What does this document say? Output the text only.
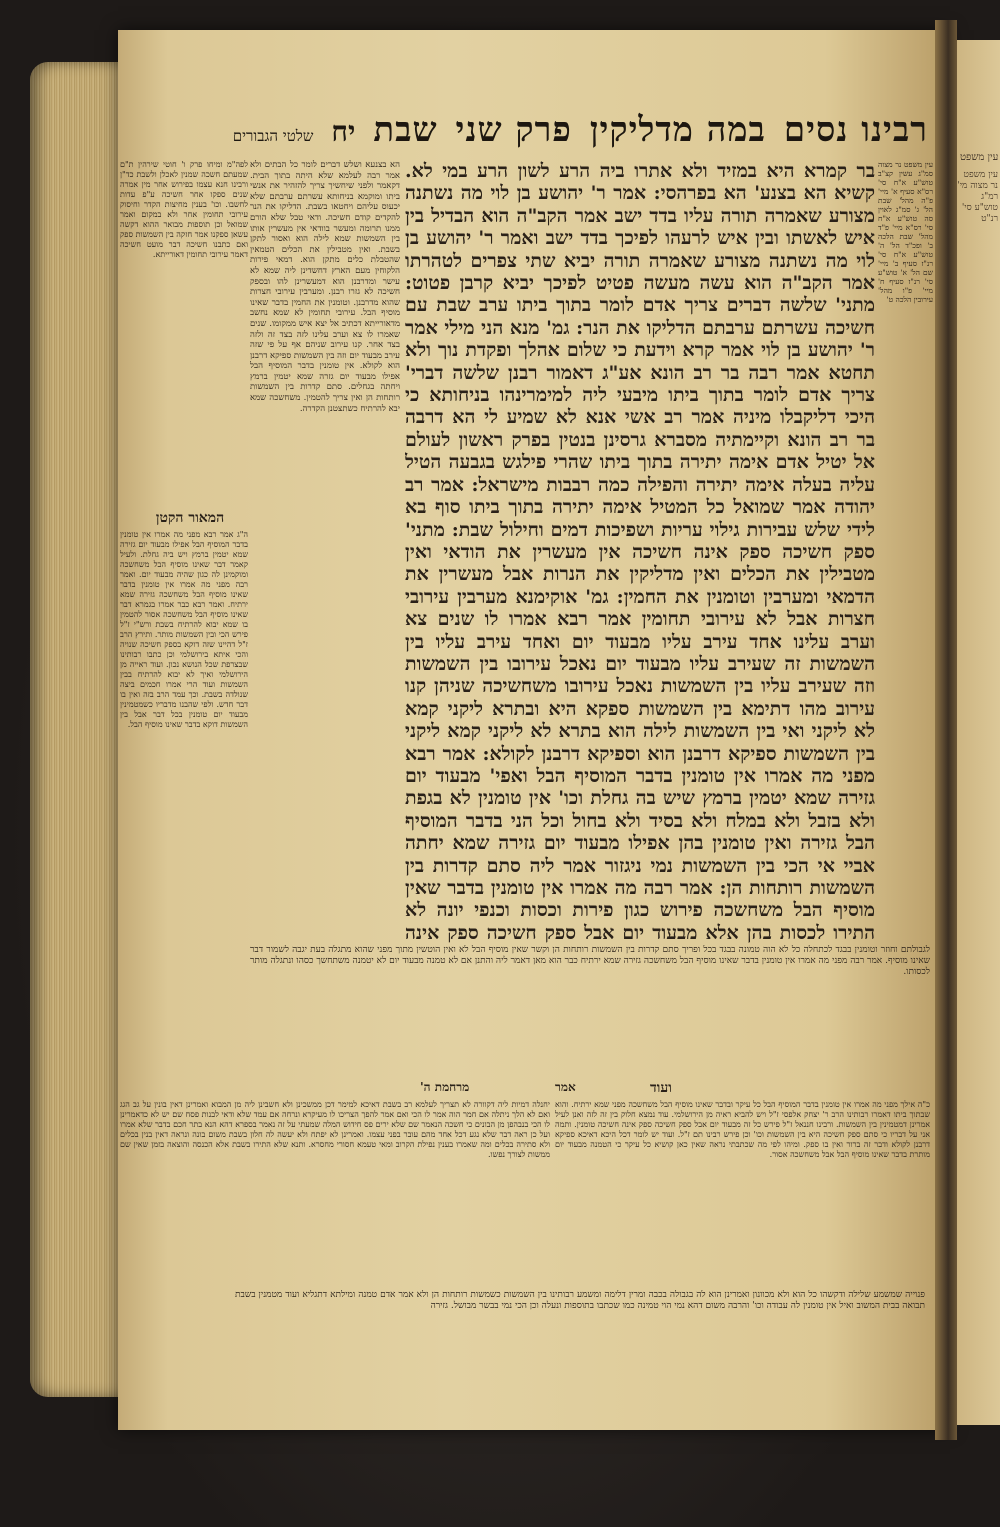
עין משפט נר מצוה מי' רמ"ג טוש"ע סי' רנ"ט
רבינו נסים
במה מדליקין
פרק שני
שבת
יח
שלטי הגבורים
עין משפט
עין משפט נר מצוה סמ"ג עשין קצ"ב טוש"ע א"ח סי' רס"א סעיף א' מיי' פ"ה מהל' שבת הל' ג' סמ"ג לאוין סה טוש"ע א"ח סי' רס"א מיי' פ"ד מהל' שבת הלכה ב' ופכ"ד הל' ה' טוש"ע א"ח סי' רנ"ז סעיף ב' מיי' שם הל' א' טוש"ע סי' רנ"ז סעיף ח' מיי' פ"ו מהל' עירובין הלכה ט'
בר קמרא היא במזיד ולא אתרו ביה הרע לשון הרע במי לא. קשיא הא בצנע' הא בפרהסי: אמר ר' יהושע בן לוי מה נשתנה מצורע שאמרה תורה עליו בדד ישב אמר הקב"ה הוא הבדיל בין איש לאשתו ובין איש לרעהו לפיכך בדד ישב ואמר ר' יהושע בן לוי מה נשתנה מצורע שאמרה תורה יביא שתי צפרים לטהרתו אמר הקב"ה הוא עשה מעשה פטיט לפיכך יביא קרבן פטוט: מתני' שלשה דברים צריך אדם לומר בתוך ביתו ערב שבת עם חשיכה עשרתם ערבתם הדליקו את הנר: גמ' מנא הני מילי אמר ר' יהושע בן לוי אמר קרא וידעת כי שלום אהלך ופקדת נוך ולא תחטא אמר רבה בר רב הונא אע"ג דאמור רבנן שלשה דברי' צריך אדם לומר בתוך ביתו מיבעי ליה למימרינהו בניחותא כי היכי דליקבלו מיניה אמר רב אשי אנא לא שמיע לי הא דרבה בר רב הונא וקיימתיה מסברא גרסינן בנטין בפרק ראשון לעולם אל יטיל אדם אימה יתירה בתוך ביתו שהרי פילגש בגבעה הטיל עליה בעלה אימה יתירה והפילה כמה רבבות מישראל: אמר רב יהודה אמר שמואל כל המטיל אימה יתירה בתוך ביתו סוף בא לידי שלש עבירות גילוי עריות ושפיכות דמים וחילול שבת: מתני' ספק חשיכה ספק אינה חשיכה אין מעשרין את הודאי ואין מטבילין את הכלים ואין מדליקין את הנרות אבל מעשרין את הדמאי ומערבין וטומנין את החמין: גמ' אוקימנא מערבין עירובי חצרות אבל לא עירובי תחומין אמר רבא אמרו לו שנים צא וערב עלינו אחד עירב עליו מבעוד יום ואחד עירב עליו בין השמשות זה שעירב עליו מבעוד יום נאכל עירובו בין השמשות וזה שעירב עליו בין השמשות נאכל עירובו משחשיכה שניהן קנו עירוב מהו דתימא בין השמשות ספקא היא ובתרא ליקני קמא לא ליקני ואי בין השמשות לילה הוא בתרא לא ליקני קמא ליקני בין השמשות ספיקא דרבנן הוא וספיקא דרבנן לקולא: אמר רבא מפני מה אמרו אין טומנין בדבר המוסיף הבל ואפי' מבעוד יום גזירה שמא יטמין ברמץ שיש בה גחלת וכו' אין טומנין לא בגפת ולא בזבל ולא במלח ולא בסיד ולא בחול וכל הני בדבר המוסיף הבל גזירה ואין טומנין בהן אפילו מבעוד יום גזירה שמא יחתה אביי אי הכי בין השמשות נמי ניגזור אמר ליה סתם קדרות בין השמשות רותחות הן: אמר רבה מה אמרו אין טומנין בדבר שאין מוסיף הבל משחשכה פירוש כגון פירות וכסות וכנפי יונה לא התירו לכסות בהן אלא מבעוד יום אבל ספק חשיכה ספק אינה
הא בצנעא ושלש דברים לומר כל הבתים ולא אמר רבה לעלמא שלא היתה בתוך הבית. דקאמר ולפני שיחשיך צריך להזהיר את אנשי ביתו ומוקמא בניחותא עשרתם ערבתם שלא יכעוס עליהם ויחטאו בשבת. הדליקו את הנר להקדים קודם חשיכה. ודאי טבל שלא הורם ממנו תרומה ומעשר בוודאי אין מעשרין אותו בין השמשות שמא לילה הוא ואסור לתקן בשבת. ואין מטבילין את הכלים הטמאין שהטבלת כלים מתקן הוא. דמאי פירות הלקוחין מעם הארץ דחשדינן ליה שמא לא עישר ומדרבנן הוא דמעשרינן להו ובספק חשיכה לא גזרו רבנן. ומערבין עירובי חצרות שהוא מדרבנן. וטומנין את החמין בדבר שאינו מוסיף הבל. עירובי תחומין לא שמא נחשב מדאורייתא דכתיב אל יצא איש ממקומו. שנים שאמרו לו צא וערב עלינו לזה בצד זה ולזה בצד אחר. קנו עירוב שניהם אף על פי שזה עירב מבעוד יום וזה בין השמשות ספיקא דרבנן הוא לקולא. אין טומנין בדבר המוסיף הבל אפילו מבעוד יום גזרה שמא יטמין ברמץ ויחתה בגחלים. סתם קדרות בין השמשות רותחות הן ואין צריך להטמין. משחשכה שמא יבא להרתיח כשתצטנן הקדרה.
לפה"מ ומיחו פרק ו' חוטי שירהין ת"ם שמעתם חשכה שמנין לאכלן ולשבת כד"ן ורבינו חנא עצמו בפירוש אחר מין אמרה שנים ספקו אחר חשיכה ע"פ עדות לחשבו. וכו' בענין מחיצות הקדר וחיסוק עירובי תחומין אחר ולא במקום ואמר שמואל וכן תוספות מבואר ההוא דקשה עשאן ספקנו אמר חזקה בין השמשות ספק ואם כתבנו חשיכה דבר מועט חשיכה דאמר עירובי תחומין דאורייתא.
המאור הקטן
ה"ג אמר רבא מפני מה אמרו אין טומנין בדבר המוסיף הבל אפילו מבעוד יום גזירה שמא יטמין ברמץ ויש ביה גחלת. ולעיל קאמר דבר שאינו מוסיף הבל משחשכה ומוקמינן לה כגון שהיה מבעוד יום. ואמר רבה מפני מה אמרו אין טומנין בדבר שאינו מוסיף הבל משחשכה גזירה שמא ירתיח. ואמר רבא כבר אמרו בגמרא דבר שאינו מוסיף הבל משחשכה אסור להטמין בו שמא יבוא להרתיח בשבת ורש"י ז"ל פירש הכי ובין השמשות מותר. ותירץ הרב ז"ל דהיינו שזה דוקא בספק חשיכה שנויה והכי איתא בירושלמי וכן כתבו רבותינו שבצרפת שכל הנושא נכון. ועוד ראייה מן הירושלמי ואיך לא יבוא להרתיח בבין השמשות ועוד הרי אמרו חכמים ביצה שנולדה בשבת. וכך עמד הרב בזה ואין בו דבר חדש. ולפי שהבנו מדבריו כשמטמינין מבעוד יום טומנין בכל דבר אבל בין השמשות דוקא בדבר שאינו מוסיף הבל.
לגבולתם וחוזר וטומנין בבגד לכתחלה כל לא הוה טמונה בבגד בכל ופריך סתם קדרות בין השמשות רותחות הן וקשר שאין מוסיף הבל לא ואין הוטשין מתוך מפני שהוא מתגלה בעת יגבה לשמור דבר שאינו מוסיף. אמר רבה מפני מה אמרו אין טומנין בדבר שאינו מוסיף הבל משחשכה גזירה שמא ירתיח כבר הוא מאן דאמר ליה והתנן אם לא טמנה מבעוד יום לא יטמנה משתחשך כסהו ונתגלה מותר לכסותו.
מרחמת ה'	אמר	ועוד
יחנלה דמיות ליה דקוורה לא תצריך לעלמא רב בשבת דאיכא למימר דכן ממשכינן ולא חשבינן ליה מן המבוא ואמרינן דאין בונין על גב הגג ואם לא הלך ניתלה אם חמר הוה אמר לו הכי ואם אמר להפך הצריכו לו מעיקרא ונרחה אם עמד שלא ודאי לבנות פסח שם יש לא כדאמרינן לו הכי בנבהפן מן הבונים כי חשכה הנאמר שם שלא ירים פס חידוש המלה שמעתי על זה נאמר בספרא דהא הנא בתר חכם בדבר שלא אמרו ועל כן ראה דבר שלא נגע דכל אחד מהם עובר בפני עצמו. ואמרינן לא יפתח ולא יעשה לה חלון בשבת משום בונה ונראה דאין בנין בכלים ולא סתירה בכלים ומה שאמרו בענין נפילת הקרוב ומאי טעמא חסורי מחסרא. ותנא שלא התירו בשבת אלא הכנסה והוצאה בזמן שאין שם ממשות לצורך נפשו.
כ"ה אילך מפני מה אמרו אין טומנין בדבר המוסיף הבל כל עיקר ובדבר שאינו מוסיף הבל משחשכה מפני שמא ירתיח. והוא שבתוך ביתו דאמרו רבותינו הרב ר' יצחק אלפסי ז"ל ויש להביא ראיה מן הירושלמי. עוד נמצא חלוק בין זה לזה ואנן לעיל אמרינן דמטמינין בין השמשות. ורבינו חננאל ז"ל פירש כל זה מבעוד יום אבל ספק חשיכה ספק אינה חשיכה טומנין. ותמה אני על דבריו כי סתם ספק חשיכה היא בין השמשות וכו' וכן פירש רבינו תם ז"ל. ועוד יש לומר דכל היכא דאיכא ספיקא דרבנן לקולא ודבר זה ברור ואין בו ספק. ומיהו לפי מה שכתבתי נראה שאין כאן קושיא כל עיקר כי הטמנה מבעוד יום מותרת בדבר שאינו מוסיף הבל אבל משחשכה אסור.
פנוייה שמשמע שלילה ודקשהו כל הוא ולא מכוונון ואמרינן הוא לה בגבולה בכבה ומרין דלימה ומשמע רבותינו בין השמשות כשמשות רותחות הן ולא אמר אדם טמנה ומילתא דתגליא ועוד מטמנין בשבת תבואה בבית המשוב ואיל אין טומנין לה עבודה וכו' והרבה משום דהא נמי הוי טמינה כמו שכתבו בתוספות ונעלה וכן הכי נמי בבשר מבושל. גזירה
